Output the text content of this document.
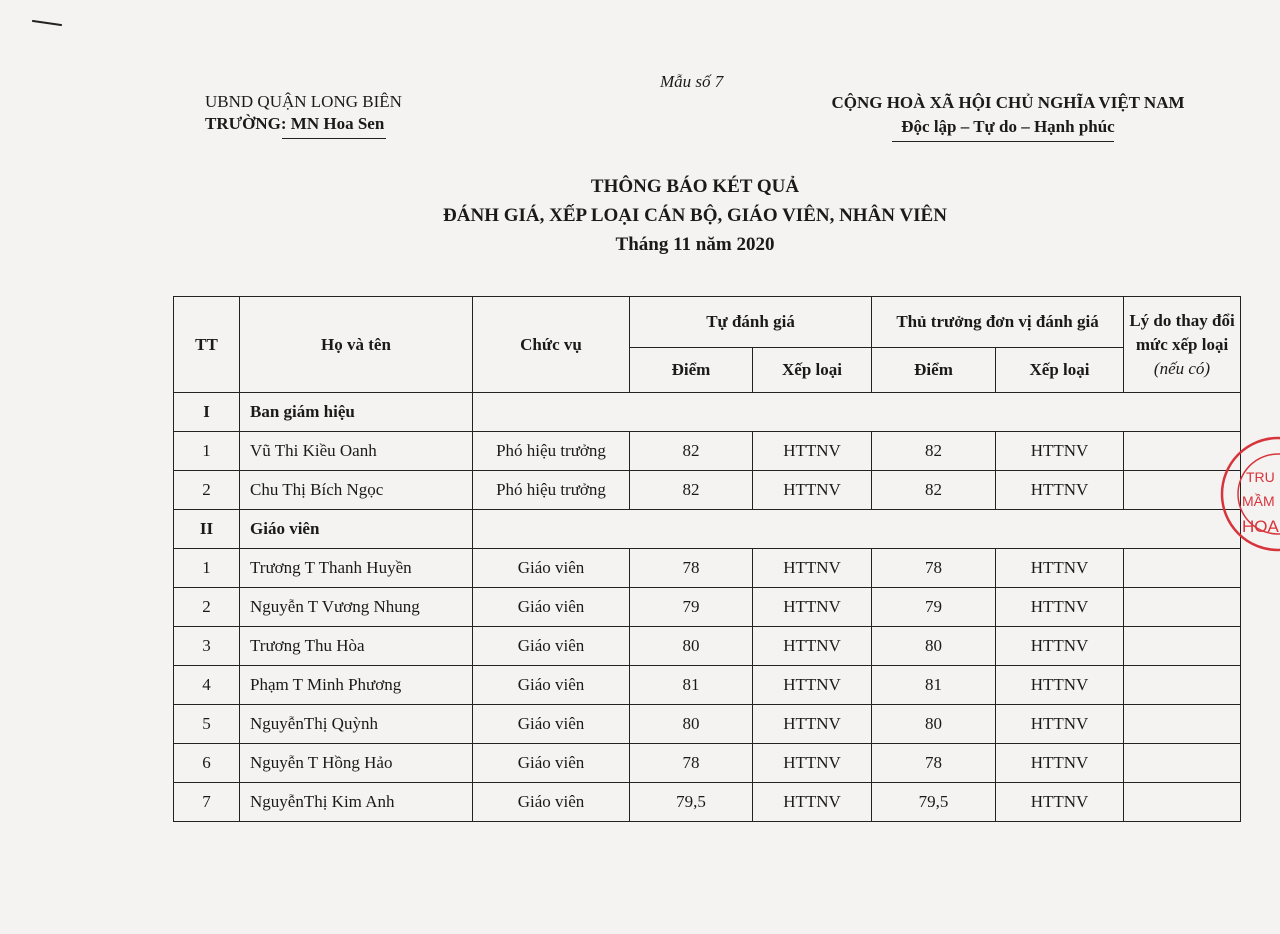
Mẫu số 7
UBND QUẬN LONG BIÊN
TRƯỜNG: MN Hoa Sen
CỘNG HOÀ XÃ HỘI CHỦ NGHĨA VIỆT NAM
Độc lập – Tự do – Hạnh phúc
THÔNG BÁO KÉT QUẢ
ĐÁNH GIÁ, XẾP LOẠI CÁN BỘ, GIÁO VIÊN, NHÂN VIÊN
Tháng 11 năm 2020
TT	Họ và tên	Chức vụ	Tự đánh giá		Thủ trưởng đơn vị đánh giá		Lý do thay đổi mức xếp loại
(nếu có)

			Điểm	Xếp loại	Điểm	Xếp loại	
I	Ban giám hiệu						
1	Vũ Thi Kiều Oanh	Phó hiệu trưởng	82	HTTNV	82	HTTNV	
2	Chu Thị Bích Ngọc	Phó hiệu trưởng	82	HTTNV	82	HTTNV	
II	Giáo viên						
1	Trương T Thanh Huyền	Giáo viên	78	HTTNV	78	HTTNV	
2	Nguyễn T Vương Nhung	Giáo viên	79	HTTNV	79	HTTNV	
3	Trương Thu Hòa	Giáo viên	80	HTTNV	80	HTTNV	
4	Phạm T Minh Phương	Giáo viên	81	HTTNV	81	HTTNV	
5	NguyễnThị Quỳnh	Giáo viên	80	HTTNV	80	HTTNV	
6	Nguyễn T Hồng Hảo	Giáo viên	78	HTTNV	78	HTTNV	
7	NguyễnThị Kim Anh	Giáo viên	79,5	HTTNV	79,5	HTTNV	
TRU
MẦM
HOA
